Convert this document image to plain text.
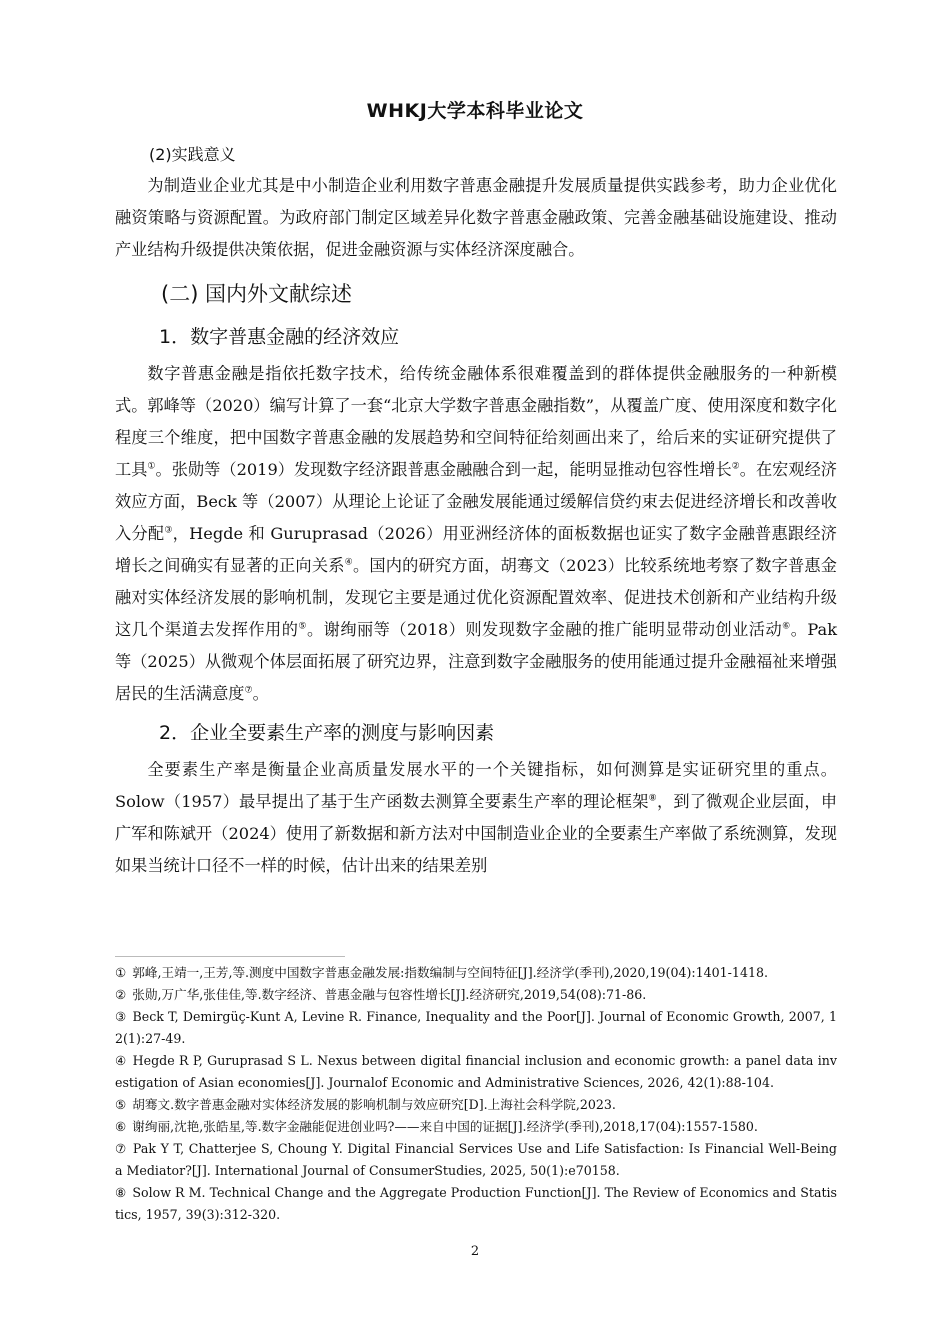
WHKJ大学本科毕业论文

(2)实践意义

为制造业企业尤其是中小制造企业利用数字普惠金融提升发展质量提供实践参考，助力企业优化融资策略与资源配置。为政府部门制定区域差异化数字普惠金融政策、完善金融基础设施建设、推动产业结构升级提供决策依据，促进金融资源与实体经济深度融合。

(二) 国内外文献综述
1．数字普惠金融的经济效应

数字普惠金融是指依托数字技术，给传统金融体系很难覆盖到的群体提供金融服务的一种新模式。郭峰等（2020）编写计算了一套“北京大学数字普惠金融指数”，从覆盖广度、使用深度和数字化程度三个维度，把中国数字普惠金融的发展趋势和空间特征给刻画出来了，给后来的实证研究提供了工具①。张勋等（2019）发现数字经济跟普惠金融融合到一起，能明显推动包容性增长②。在宏观经济效应方面，Beck 等（2007）从理论上论证了金融发展能通过缓解信贷约束去促进经济增长和改善收入分配③，Hegde 和 Guruprasad（2026）用亚洲经济体的面板数据也证实了数字金融普惠跟经济增长之间确实有显著的正向关系④。国内的研究方面，胡骞文（2023）比较系统地考察了数字普惠金融对实体经济发展的影响机制，发现它主要是通过优化资源配置效率、促进技术创新和产业结构升级这几个渠道去发挥作用的⑤。谢绚丽等（2018）则发现数字金融的推广能明显带动创业活动⑥。Pak 等（2025）从微观个体层面拓展了研究边界，注意到数字金融服务的使用能通过提升金融福祉来增强居民的生活满意度⑦。

2．企业全要素生产率的测度与影响因素

全要素生产率是衡量企业高质量发展水平的一个关键指标，如何测算是实证研究里的重点。Solow（1957）最早提出了基于生产函数去测算全要素生产率的理论框架⑧，到了微观企业层面，申广军和陈斌开（2024）使用了新数据和新方法对中国制造业企业的全要素生产率做了系统测算，发现如果当统计口径不一样的时候，估计出来的结果差别

① 郭峰,王靖一,王芳,等.测度中国数字普惠金融发展:指数编制与空间特征[J].经济学(季刊),2020,19(04):1401-1418.

② 张勋,万广华,张佳佳,等.数字经济、普惠金融与包容性增长[J].经济研究,2019,54(08):71-86.

③ Beck T, Demirgüç-Kunt A, Levine R. Finance, Inequality and the Poor[J]. Journal of Economic Growth, 2007, 12(1):27-49.

④ Hegde R P, Guruprasad S L. Nexus between digital financial inclusion and economic growth: a panel data investigation of Asian economies[J]. Journalof Economic and Administrative Sciences, 2026, 42(1):88-104.

⑤ 胡骞文.数字普惠金融对实体经济发展的影响机制与效应研究[D].上海社会科学院,2023.

⑥ 谢绚丽,沈艳,张皓星,等.数字金融能促进创业吗?——来自中国的证据[J].经济学(季刊),2018,17(04):1557-1580.

⑦ Pak Y T, Chatterjee S, Choung Y. Digital Financial Services Use and Life Satisfaction: Is Financial Well-Being a Mediator?[J]. International Journal of ConsumerStudies, 2025, 50(1):e70158.

⑧ Solow R M. Technical Change and the Aggregate Production Function[J]. The Review of Economics and Statistics, 1957, 39(3):312-320.

2
